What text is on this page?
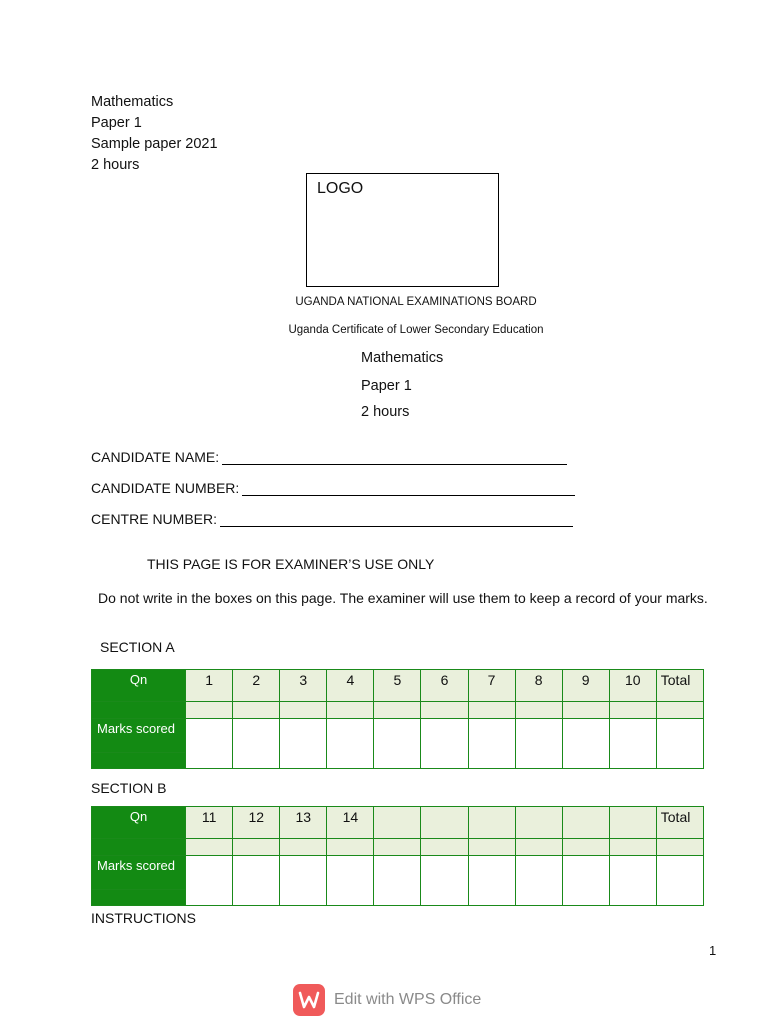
Mathematics
Paper 1
Sample paper 2021
2 hours
LOGO
UGANDA NATIONAL EXAMINATIONS BOARD
Uganda Certificate of Lower Secondary Education
Mathematics
Paper 1
2 hours
CANDIDATE NAME:
CANDIDATE NUMBER:
CENTRE NUMBER:
THIS PAGE IS FOR EXAMINER’S USE ONLY
Do not write in the boxes on this page. The examiner will use them to keep a record of your marks.
SECTION A
Qn	1	2	3	4	5	6	7	8	9	10	Total

Marks scored											

SECTION B
Qn	11	12	13	14							Total

Marks scored											

INSTRUCTIONS
1
Edit with WPS Office
